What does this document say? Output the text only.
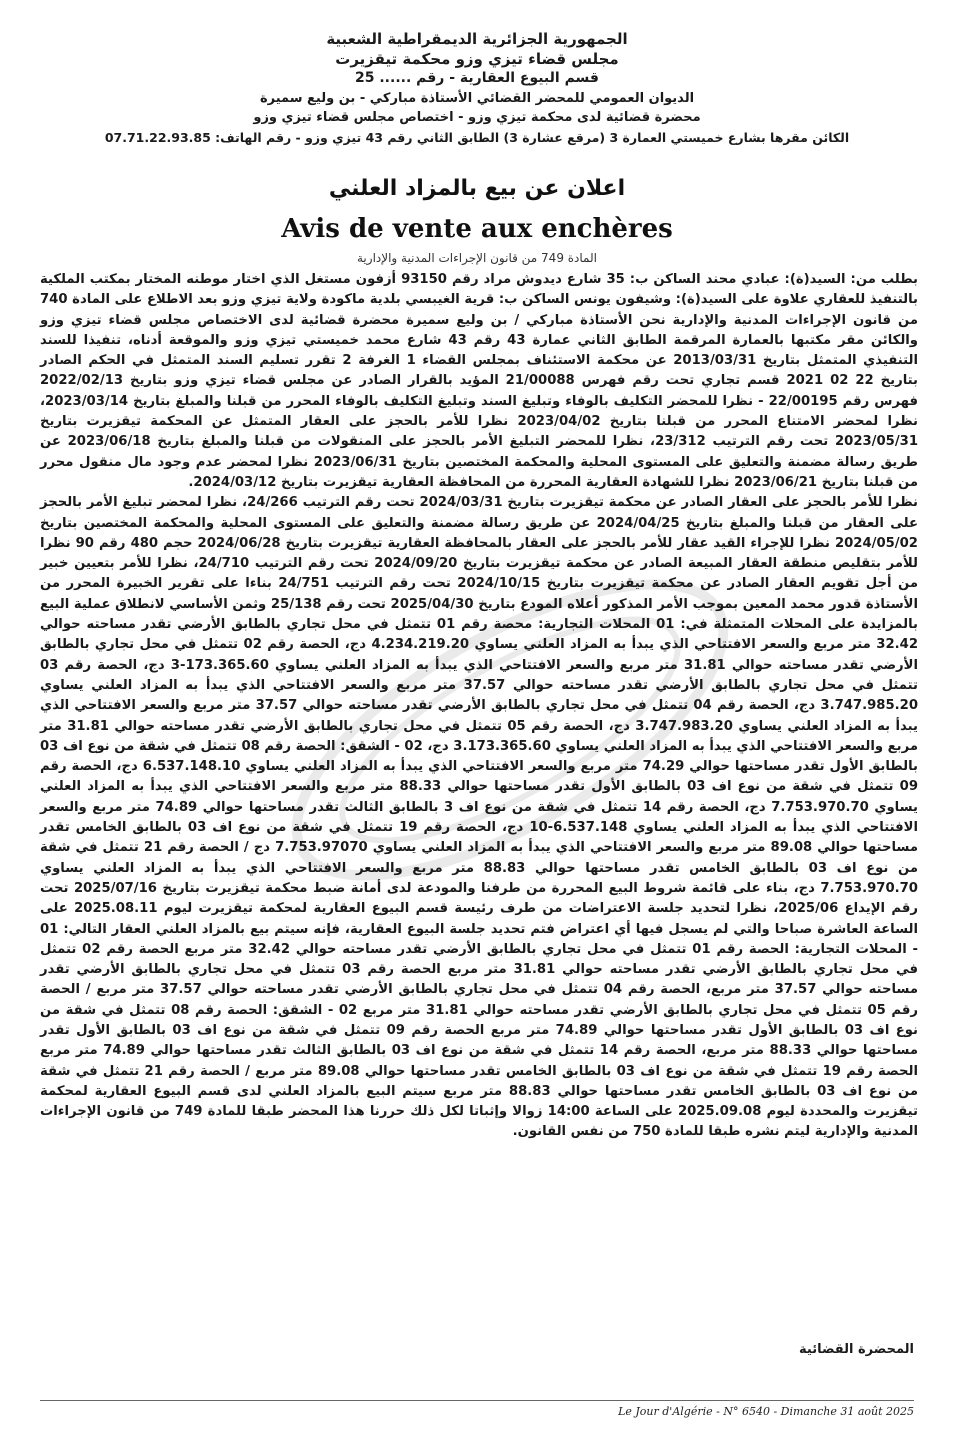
الجمهورية الجزائرية الديمقراطية الشعبية

مجلس قضاء تيزي وزو محكمة تيقزيرت

قسم البيوع العقارية - رقم ...... 25

الديوان العمومي للمحضر القضائي الأستاذة مباركي - بن وليع سميرة

محضرة قضائية لدى محكمة تيزي وزو - اختصاص مجلس قضاء تيزي وزو

الكائن مقرها بشارع خميستي العمارة 3 (مرقع عشارة 3) الطابق الثاني رقم 43 تيزي وزو - رقم الهاتف: 07.71.22.93.85

اعلان عن بيع بالمزاد العلني
Avis de vente aux enchères
المادة 749 من قانون الإجراءات المدنية والإدارية

بطلب من: السيد(ة): عبادي محند الساكن ب: 35 شارع ديدوش مراد رقم 93150 أزفون مستغل الذي اختار موطنه المختار بمكتب الملكية بالتنفيذ للعقاري علاوة على السيد(ة): وشيفون يونس الساكن ب: قرية الغيبسي بلدية ماكودة ولاية تيزي وزو بعد الاطلاع على المادة 740 من قانون الإجراءات المدنية والإدارية نحن الأستاذة مباركي / بن وليع سميرة محضرة قضائية لدى الاختصاص مجلس قضاء تيزي وزو والكائن مقر مكتبها بالعمارة المرقمة الطابق الثاني عمارة 43 رقم 43 شارع محمد خميستي تيزي وزو والموقعة أدناه، تنفيذا للسند التنفيذي المتمثل بتاريخ 2013/03/31 عن محكمة الاستئناف بمجلس القضاء 1 الغرفة 2 تقرر تسليم السند المتمثل في الحكم الصادر بتاريخ 22 02 2021 قسم تجاري تحت رقم فهرس 21/00088 المؤيد بالقرار الصادر عن مجلس قضاء تيزي وزو بتاريخ 2022/02/13 فهرس رقم 22/00195 - نظرا للمحضر التكليف بالوفاء وتبليغ السند وتبليغ التكليف بالوفاء المحرر من قبلنا والمبلغ بتاريخ 2023/03/14، نظرا لمحضر الامتناع المحرر من قبلنا بتاريخ 2023/04/02 نظرا للأمر بالحجز على العقار المتمثل عن المحكمة تيقزيرت بتاريخ 2023/05/31 تحت رقم الترتيب 23/312، نظرا للمحضر التبليغ الأمر بالحجز على المنقولات من قبلنا والمبلغ بتاريخ 2023/06/18 عن طريق رسالة مضمنة والتعليق على المستوى المحلية والمحكمة المختصين بتاريخ 2023/06/31 نظرا لمحضر عدم وجود مال منقول محرر من قبلنا بتاريخ 2023/06/21 نظرا للشهادة العقارية المحررة من المحافظة العقارية تيقزيرت بتاريخ 2024/03/12.

نظرا للأمر بالحجز على العقار الصادر عن محكمة تيقزيرت بتاريخ 2024/03/31 تحت رقم الترتيب 24/266، نظرا لمحضر تبليغ الأمر بالحجز على العقار من قبلنا والمبلغ بتاريخ 2024/04/25 عن طريق رسالة مضمنة والتعليق على المستوى المحلية والمحكمة المختصين بتاريخ 2024/05/02 نظرا للإجراء القيد عقار للأمر بالحجز على العقار بالمحافظة العقارية تيقزيرت بتاريخ 2024/06/28 حجم 480 رقم 90 نظرا للأمر بتقليص منطقة العقار المبيعة الصادر عن محكمة تيقزيرت بتاريخ 2024/09/20 تحت رقم الترتيب 24/710، نظرا للأمر بتعيين خبير من أجل تقويم العقار الصادر عن محكمة تيقزيرت بتاريخ 2024/10/15 تحت رقم الترتيب 24/751 بناءا على تقرير الخبيرة المحرر من الأستاذة قدور محمد المعين بموجب الأمر المذكور أعلاه المودع بتاريخ 2025/04/30 تحت رقم 25/138 وثمن الأساسي لانطلاق عملية البيع بالمزايدة على المحلات المتمثلة في: 01 المحلات التجارية: محصة رقم 01 تتمثل في محل تجاري بالطابق الأرضي تقدر مساحته حوالي 32.42 متر مربع والسعر الافتتاحي الذي يبدأ به المزاد العلني يساوي 4.234.219.20 دج، الحصة رقم 02 تتمثل في محل تجاري بالطابق الأرضي تقدر مساحته حوالي 31.81 متر مربع والسعر الافتتاحي الذي يبدأ به المزاد العلني يساوي 173.365.60-3 دج، الحصة رقم 03 تتمثل في محل تجاري بالطابق الأرضي تقدر مساحته حوالي 37.57 متر مربع والسعر الافتتاحي الذي يبدأ به المزاد العلني يساوي 3.747.985.20 دج، الحصة رقم 04 تتمثل في محل تجاري بالطابق الأرضي تقدر مساحته حوالي 37.57 متر مربع والسعر الافتتاحي الذي يبدأ به المزاد العلني يساوي 3.747.983.20 دج، الحصة رقم 05 تتمثل في محل تجاري بالطابق الأرضي تقدر مساحته حوالي 31.81 متر مربع والسعر الافتتاحي الذي يبدأ به المزاد العلني يساوي 3.173.365.60 دج، 02 - الشقق: الحصة رقم 08 تتمثل في شقة من نوع اف 03 بالطابق الأول تقدر مساحتها حوالي 74.29 متر مربع والسعر الافتتاحي الذي يبدأ به المزاد العلني يساوي 6.537.148.10 دج، الحصة رقم 09 تتمثل في شقة من نوع اف 03 بالطابق الأول تقدر مساحتها حوالي 88.33 متر مربع والسعر الافتتاحي الذي يبدأ به المزاد العلني يساوي 7.753.970.70 دج، الحصة رقم 14 تتمثل في شقة من نوع اف 3 بالطابق الثالث تقدر مساحتها حوالي 74.89 متر مربع والسعر الافتتاحي الذي يبدأ به المزاد العلني يساوي 6.537.148-10 دج، الحصة رقم 19 تتمثل في شقة من نوع اف 03 بالطابق الخامس تقدر مساحتها حوالي 89.08 متر مربع والسعر الافتتاحي الذي يبدأ به المزاد العلني يساوي 7.753.97070 دج / الحصة رقم 21 تتمثل في شقة من نوع اف 03 بالطابق الخامس تقدر مساحتها حوالي 88.83 متر مربع والسعر الافتتاحي الذي يبدأ به المزاد العلني يساوي 7.753.970.70 دج، بناء على قائمة شروط البيع المحررة من طرفنا والمودعة لدى أمانة ضبط محكمة تيقزيرت بتاريخ 2025/07/16 تحت رقم الإيداع 2025/06، نظرا لتحديد جلسة الاعتراضات من طرف رئيسة قسم البيوع العقارية لمحكمة تيقزيرت ليوم 2025.08.11 على الساعة العاشرة صباحا والتي لم يسجل فيها أي اعتراض فتم تحديد جلسة البيوع العقارية، فإنه سيتم بيع بالمزاد العلني العقار التالي: 01 - المحلات التجارية: الحصة رقم 01 تتمثل في محل تجاري بالطابق الأرضي تقدر مساحته حوالي 32.42 متر مربع الحصة رقم 02 تتمثل في محل تجاري بالطابق الأرضي تقدر مساحته حوالي 31.81 متر مربع الحصة رقم 03 تتمثل في محل تجاري بالطابق الأرضي تقدر مساحته حوالي 37.57 متر مربع، الحصة رقم 04 تتمثل في محل تجاري بالطابق الأرضي تقدر مساحته حوالي 37.57 متر مربع / الحصة رقم 05 تتمثل في محل تجاري بالطابق الأرضي تقدر مساحته حوالي 31.81 متر مربع 02 - الشقق: الحصة رقم 08 تتمثل في شقة من نوع اف 03 بالطابق الأول تقدر مساحتها حوالي 74.89 متر مربع الحصة رقم 09 تتمثل في شقة من نوع اف 03 بالطابق الأول تقدر مساحتها حوالي 88.33 متر مربع، الحصة رقم 14 تتمثل في شقة من نوع اف 03 بالطابق الثالث تقدر مساحتها حوالي 74.89 متر مربع الحصة رقم 19 تتمثل في شقة من نوع اف 03 بالطابق الخامس تقدر مساحتها حوالي 89.08 متر مربع / الحصة رقم 21 تتمثل في شقة من نوع اف 03 بالطابق الخامس تقدر مساحتها حوالي 88.83 متر مربع سيتم البيع بالمزاد العلني لدى قسم البيوع العقارية لمحكمة تيقزيرت والمحددة ليوم 2025.09.08 على الساعة 14:00 زوالا وإثباتا لكل ذلك حررنا هذا المحضر طبقا للمادة 749 من قانون الإجراءات المدنية والإدارية ليتم نشره طبقا للمادة 750 من نفس القانون.

المحضرة القضائية
Le Jour d'Algérie - N° 6540 - Dimanche 31 août 2025
